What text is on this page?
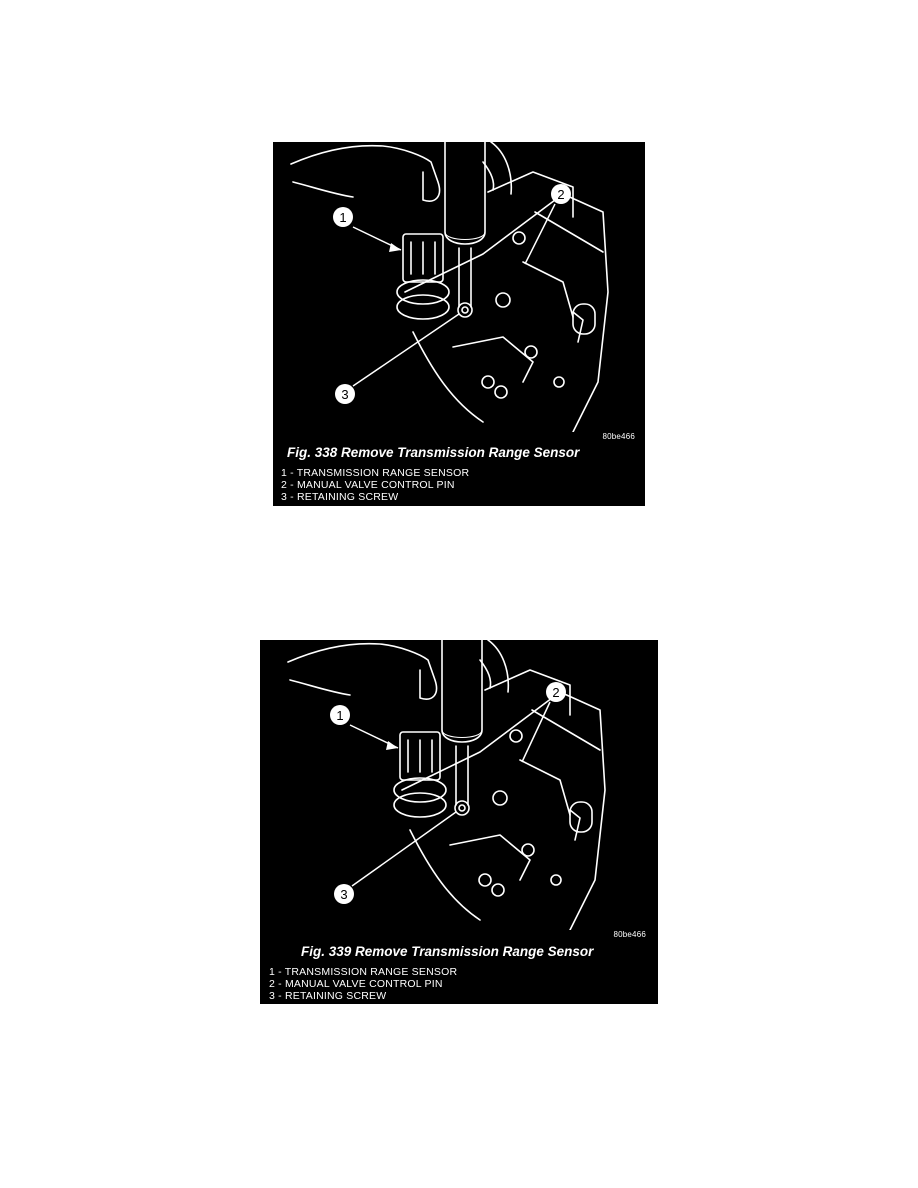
1
2
3
80be466
Fig. 338 Remove Transmission Range Sensor
1 - TRANSMISSION RANGE SENSOR
2 - MANUAL VALVE CONTROL PIN
3 - RETAINING SCREW
1
2
3
80be466
Fig. 339 Remove Transmission Range Sensor
1 - TRANSMISSION RANGE SENSOR
2 - MANUAL VALVE CONTROL PIN
3 - RETAINING SCREW
